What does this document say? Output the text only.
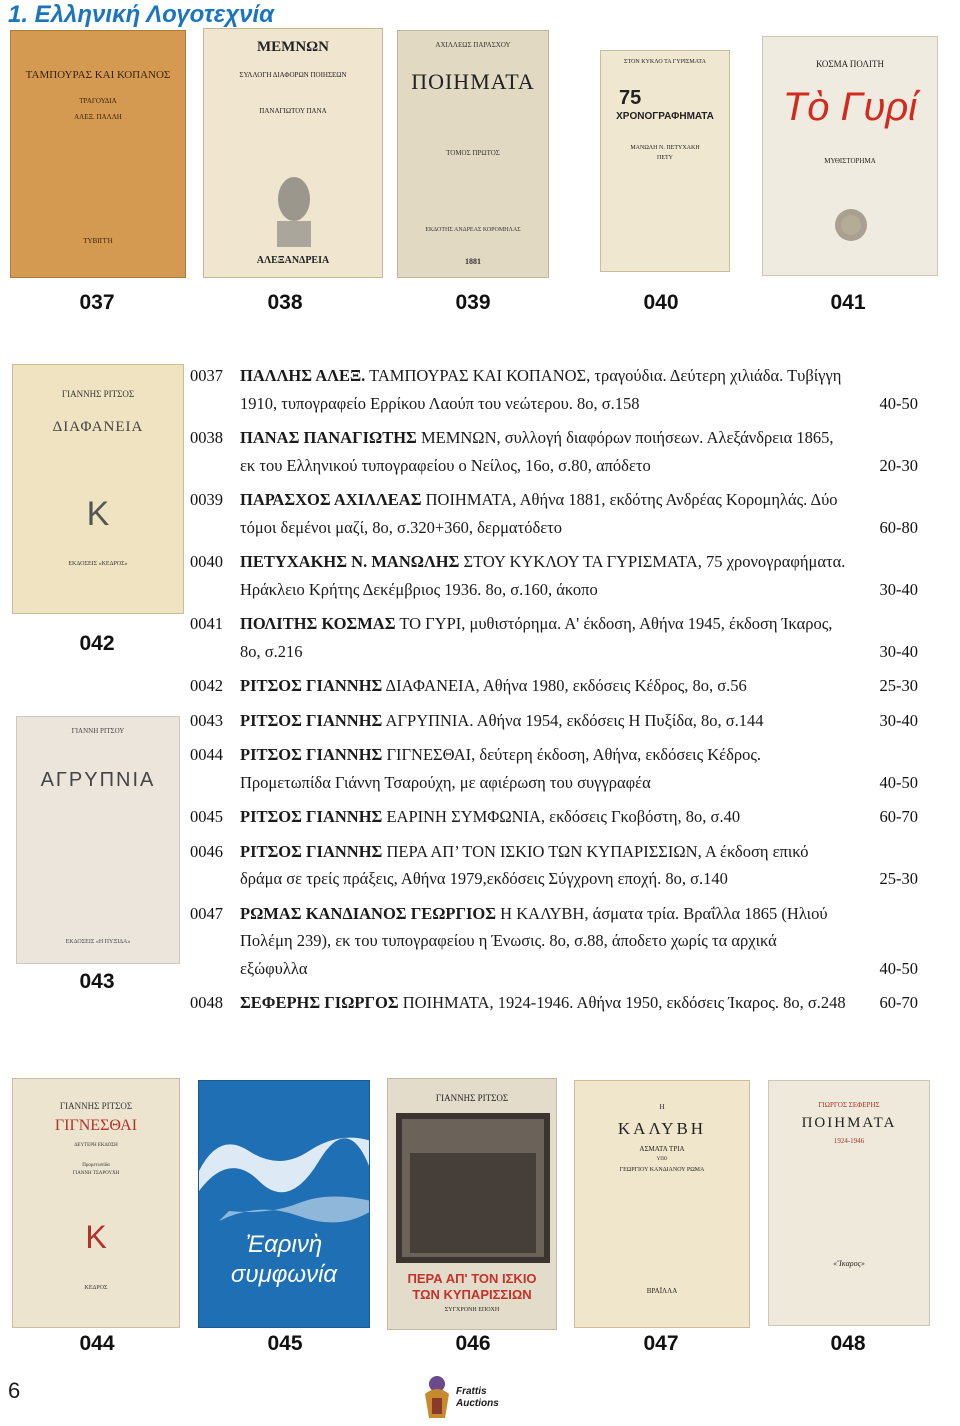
1. Ελληνική Λογοτεχνία
ΤΑΜΠΟΥΡΑΣ ΚΑΙ ΚΟΠΑΝΟΣ
ΤΡΑΓΟΥΔΙΑ
ΑΛΕΞ. ΠΑΛΛΗ
ΤΥΒΙΓΓΗ
ΜΕΜΝΩΝ
ΣΥΛΛΟΓΗ ΔΙΑΦΟΡΩΝ ΠΟΙΗΣΕΩΝ
ΠΑΝΑΓΙΩΤΟΥ ΠΑΝΑ
ΑΛΕΞΑΝΔΡΕΙΑ
ΑΧΙΛΛΕΩΣ ΠΑΡΑΣΧΟΥ
ΠΟΙΗΜΑΤΑ
ΤΟΜΟΣ ΠΡΩΤΟΣ
ΕΚΔΟΤΗΣ ΑΝΔΡΕΑΣ ΚΟΡΟΜΗΛΑΣ
1881
ΣΤΟΝ ΚΥΚΛΟ ΤΑ ΓΥΡΙΣΜΑΤΑ
75
ΧΡΟΝΟΓΡΑΦΗΜΑΤΑ
ΜΑΝΩΛΗ Ν. ΠΕΤΥΧΑΚΗ
ΠΕΤΥ
ΚΟΣΜΑ ΠΟΛΙΤΗ
Τὸ Γυρί
ΜΥΘΙΣΤΟΡΗΜΑ
037	038	039	040	041
ΓΙΑΝΝΗΣ ΡΙΤΣΟΣ
ΔΙΑΦΑΝΕΙΑ
K
ΕΚΔΟΣΕΙΣ «ΚΕΔΡΟΣ»
042
ΓΙΑΝΝΗ ΡΙΤΣΟΥ
ΑΓΡΥΠΝΙΑ
ΕΚΔΟΣΕΙΣ «Η ΠΥΞΙΔΑ»
043
0037	ΠΑΛΛΗΣ ΑΛΕΞ. ΤΑΜΠΟΥΡΑΣ ΚΑΙ ΚΟΠΑΝΟΣ, τραγούδια. Δεύτερη χιλιάδα. Τυβίγγη 1910, τυπογραφείο Ερρίκου Λαούπ του νεώτερου. 8ο, σ.158	40-50
0038	ΠΑΝΑΣ ΠΑΝΑΓΙΩΤΗΣ ΜΕΜΝΩΝ, συλλογή διαφόρων ποιήσεων. Αλεξάνδρεια 1865, εκ του Ελληνικού τυπογραφείου ο Νείλος, 16ο, σ.80, απόδετο	20-30
0039	ΠΑΡΑΣΧΟΣ ΑΧΙΛΛΕΑΣ ΠΟΙΗΜΑΤΑ, Αθήνα 1881, εκδότης Ανδρέας Κορομηλάς. Δύο τόμοι δεμένοι μαζί, 8ο, σ.320+360, δερματόδετο	60-80
0040	ΠΕΤΥΧΑΚΗΣ Ν. ΜΑΝΩΛΗΣ ΣΤΟΥ ΚΥΚΛΟΥ ΤΑ ΓΥΡΙΣΜΑΤΑ, 75 χρονογραφήματα. Ηράκλειο Κρήτης Δεκέμβριος 1936. 8ο, σ.160, άκοπο	30-40
0041	ΠΟΛΙΤΗΣ ΚΟΣΜΑΣ ΤΟ ΓΥΡΙ, μυθιστόρημα. Α' έκδοση, Αθήνα 1945, έκδοση Ίκαρος, 8ο, σ.216	30-40
0042	ΡΙΤΣΟΣ ΓΙΑΝΝΗΣ ΔΙΑΦΑΝΕΙΑ, Αθήνα 1980, εκδόσεις Κέδρος, 8ο, σ.56	25-30
0043	ΡΙΤΣΟΣ ΓΙΑΝΝΗΣ ΑΓΡΥΠΝΙΑ. Αθήνα 1954, εκδόσεις Η Πυξίδα, 8ο, σ.144	30-40
0044	ΡΙΤΣΟΣ ΓΙΑΝΝΗΣ ΓΙΓΝΕΣΘΑΙ, δεύτερη έκδοση, Αθήνα, εκδόσεις Κέδρος. Προμετωπίδα Γιάννη Τσαρούχη, με αφιέρωση του συγγραφέα	40-50
0045	ΡΙΤΣΟΣ ΓΙΑΝΝΗΣ ΕΑΡΙΝΗ ΣΥΜΦΩΝΙΑ, εκδόσεις Γκοβόστη, 8ο, σ.40	60-70
0046	ΡΙΤΣΟΣ ΓΙΑΝΝΗΣ ΠΕΡΑ ΑΠ’ ΤΟΝ ΙΣΚΙΟ ΤΩΝ ΚΥΠΑΡΙΣΣΙΩΝ, Α έκδοση επικό δράμα σε τρείς πράξεις, Αθήνα 1979,εκδόσεις Σύγχρονη εποχή. 8ο, σ.140	25-30
0047	ΡΩΜΑΣ ΚΑΝΔΙΑΝΟΣ ΓΕΩΡΓΙΟΣ Η ΚΑΛΥΒΗ, άσματα τρία. Βραΐλλα 1865 (Ηλιού Πολέμη 239), εκ του τυπογραφείου η Ένωσις. 8ο, σ.88, άποδετο χωρίς τα αρχικά εξώφυλλα	40-50
0048	ΣΕΦΕΡΗΣ ΓΙΩΡΓΟΣ ΠΟΙΗΜΑΤΑ, 1924-1946. Αθήνα 1950, εκδόσεις Ίκαρος. 8ο, σ.248	60-70
ΓΙΑΝΝΗΣ ΡΙΤΣΟΣ
ΓΙΓΝΕΣΘΑΙ
ΔΕΥΤΕΡΗ ΕΚΔΟΣΗ
Προμετωπίδα
ΓΙΑΝΝΗ ΤΣΑΡΟΥΧΗ
K
ΚΕΔΡΟΣ
Ἐαρινὴ
συμφωνία
ΓΙΑΝΝΗΣ ΡΙΤΣΟΣ
ΠΕΡΑ ΑΠ' ΤΟΝ ΙΣΚΙΟ
ΤΩΝ ΚΥΠΑΡΙΣΣΙΩΝ
ΣΥΓΧΡΟΝΗ ΕΠΟΧΗ
Η
ΚΑΛΥΒΗ
ΑΣΜΑΤΑ ΤΡΙΑ
ΥΠΟ
ΓΕΩΡΓΙΟΥ ΚΑΝΔΙΑΝΟΥ ΡΩΜΑ
ΒΡΑΪΛΛΑ
ΓΙΩΡΓΟΣ ΣΕΦΕΡΗΣ
ΠΟΙΗΜΑΤΑ
1924-1946
«Ἴκαρος»
044	045	046	047	048
6	Frattis
Auctions
